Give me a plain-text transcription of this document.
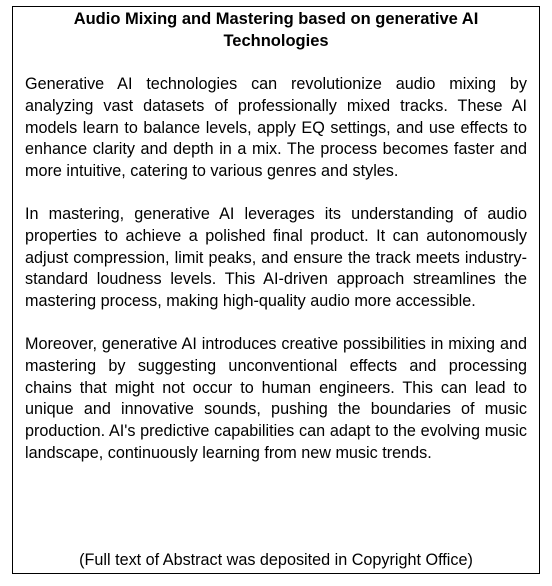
Audio Mixing and Mastering based on generative AI Technologies

Generative AI technologies can revolutionize audio mixing by analyzing vast datasets of professionally mixed tracks. These AI models learn to balance levels, apply EQ settings, and use effects to enhance clarity and depth in a mix. The process becomes faster and more intuitive, catering to various genres and styles.

In mastering, generative AI leverages its understanding of audio properties to achieve a polished final product. It can autonomously adjust compression, limit peaks, and ensure the track meets industry-standard loudness levels. This AI-driven approach streamlines the mastering process, making high-quality audio more accessible.

Moreover, generative AI introduces creative possibilities in mixing and mastering by suggesting unconventional effects and processing chains that might not occur to human engineers. This can lead to unique and innovative sounds, pushing the boundaries of music production. AI's predictive capabilities can adapt to the evolving music landscape, continuously learning from new music trends.

(Full text of Abstract was deposited in Copyright Office)
